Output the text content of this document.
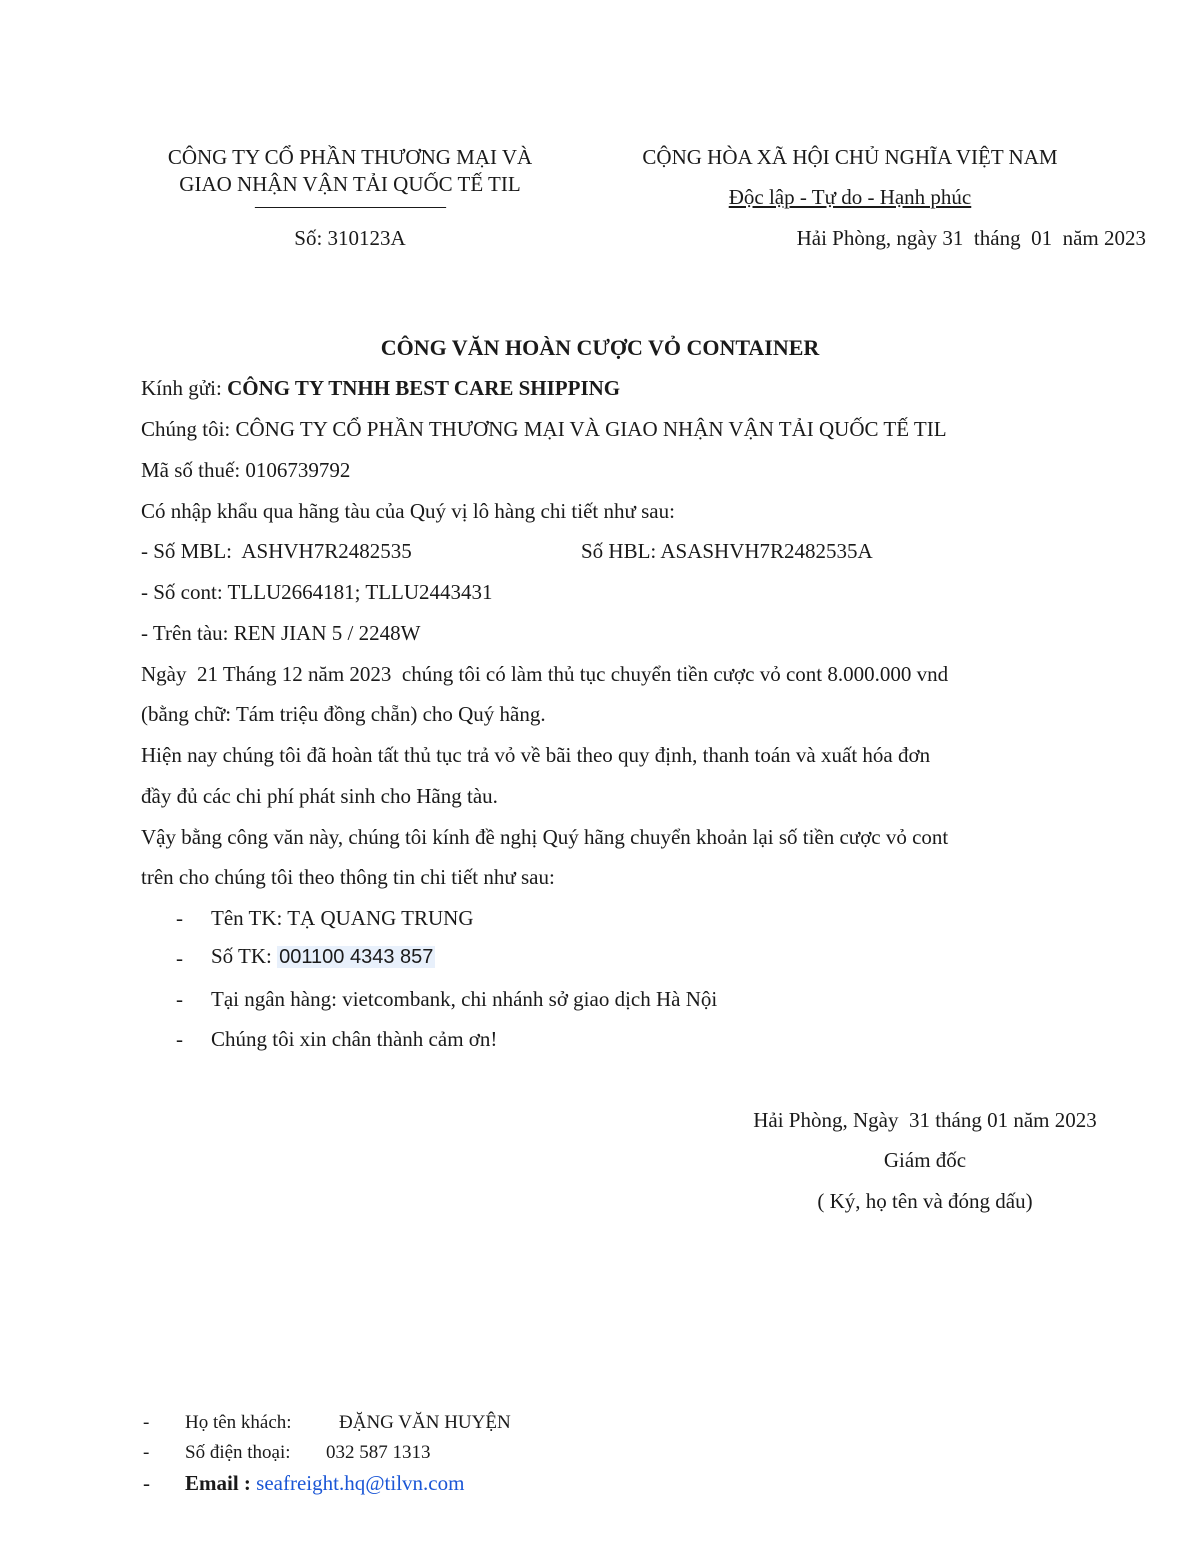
CÔNG TY CỔ PHẦN THƯƠNG MẠI VÀ
GIAO NHẬN VẬN TẢI QUỐC TẾ TIL
——————————
Số: 310123A
CỘNG HÒA XÃ HỘI CHỦ NGHĨA VIỆT NAM
Độc lập - Tự do - Hạnh phúc
Hải Phòng, ngày 31  tháng  01  năm 2023
CÔNG VĂN HOÀN CƯỢC VỎ CONTAINER
Kính gửi: CÔNG TY TNHH BEST CARE SHIPPING
Chúng tôi: CÔNG TY CỔ PHẦN THƯƠNG MẠI VÀ GIAO NHẬN VẬN TẢI QUỐC TẾ TIL
Mã số thuế: 0106739792
Có nhập khẩu qua hãng tàu của Quý vị lô hàng chi tiết như sau:
- Số MBL:  ASHVH7R2482535	Số HBL: ASASHVH7R2482535A
- Số cont: TLLU2664181; TLLU2443431
- Trên tàu: REN JIAN 5 / 2248W
Ngày  21 Tháng 12 năm 2023  chúng tôi có làm thủ tục chuyển tiền cược vỏ cont 8.000.000 vnd
(bằng chữ: Tám triệu đồng chẵn) cho Quý hãng.
Hiện nay chúng tôi đã hoàn tất thủ tục trả vỏ về bãi theo quy định, thanh toán và xuất hóa đơn
đầy đủ các chi phí phát sinh cho Hãng tàu.
Vậy bằng công văn này, chúng tôi kính đề nghị Quý hãng chuyển khoản lại số tiền cược vỏ cont
trên cho chúng tôi theo thông tin chi tiết như sau:
- Tên TK: TẠ QUANG TRUNG
- Số TK: 001100 4343 857
- Tại ngân hàng: vietcombank, chi nhánh sở giao dịch Hà Nội
- Chúng tôi xin chân thành cảm ơn!
Hải Phòng, Ngày  31 tháng 01 năm 2023
Giám đốc
( Ký, họ tên và đóng dấu)
- Họ tên khách: ĐẶNG VĂN HUYỆN
- Số điện thoại: 032 587 1313
- Email : seafreight.hq@tilvn.com
